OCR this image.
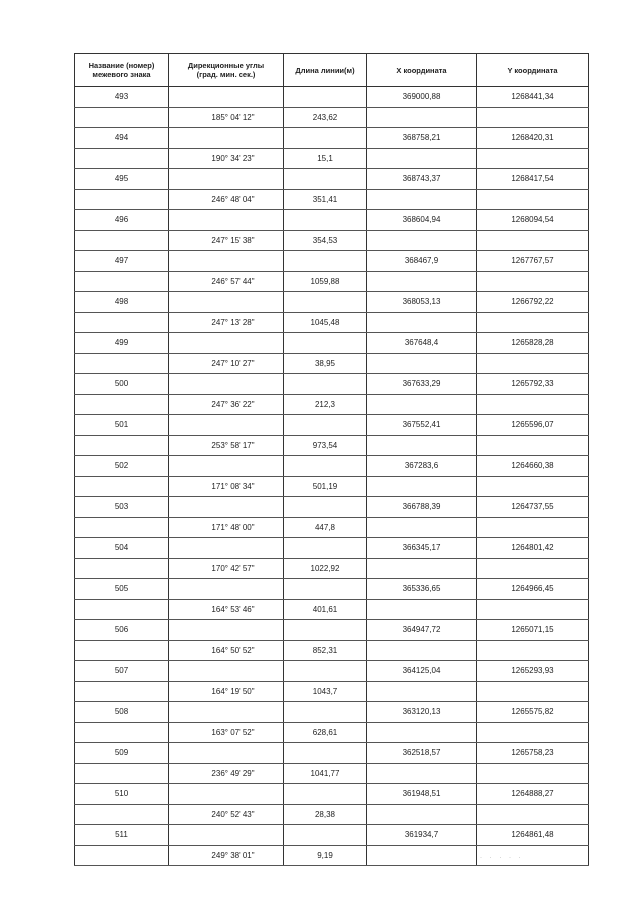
Название (номер)
межевого знака	Дирекционные углы
(град. мин. сек.)	Длина линии(м)	X координата	Y координата
493			369000,88	1268441,34
	185° 04' 12"	243,62		
494			368758,21	1268420,31
	190° 34' 23"	15,1		
495			368743,37	1268417,54
	246° 48' 04"	351,41		
496			368604,94	1268094,54
	247° 15' 38"	354,53		
497			368467,9	1267767,57
	246° 57' 44"	1059,88		
498			368053,13	1266792,22
	247° 13' 28"	1045,48		
499			367648,4	1265828,28
	247° 10' 27"	38,95		
500			367633,29	1265792,33
	247° 36' 22"	212,3		
501			367552,41	1265596,07
	253° 58' 17"	973,54		
502			367283,6	1264660,38
	171° 08' 34"	501,19		
503			366788,39	1264737,55
	171° 48' 00"	447,8		
504			366345,17	1264801,42
	170° 42' 57"	1022,92		
505			365336,65	1264966,45
	164° 53' 46"	401,61		
506			364947,72	1265071,15
	164° 50' 52"	852,31		
507			364125,04	1265293,93
	164° 19' 50"	1043,7		
508			363120,13	1265575,82
	163° 07' 52"	628,61		
509			362518,57	1265758,23
	236° 49' 29"	1041,77		
510			361948,51	1264888,27
	240° 52' 43"	28,38		
511			361934,7	1264861,48
	249° 38' 01"	9,19			· · · · ·
